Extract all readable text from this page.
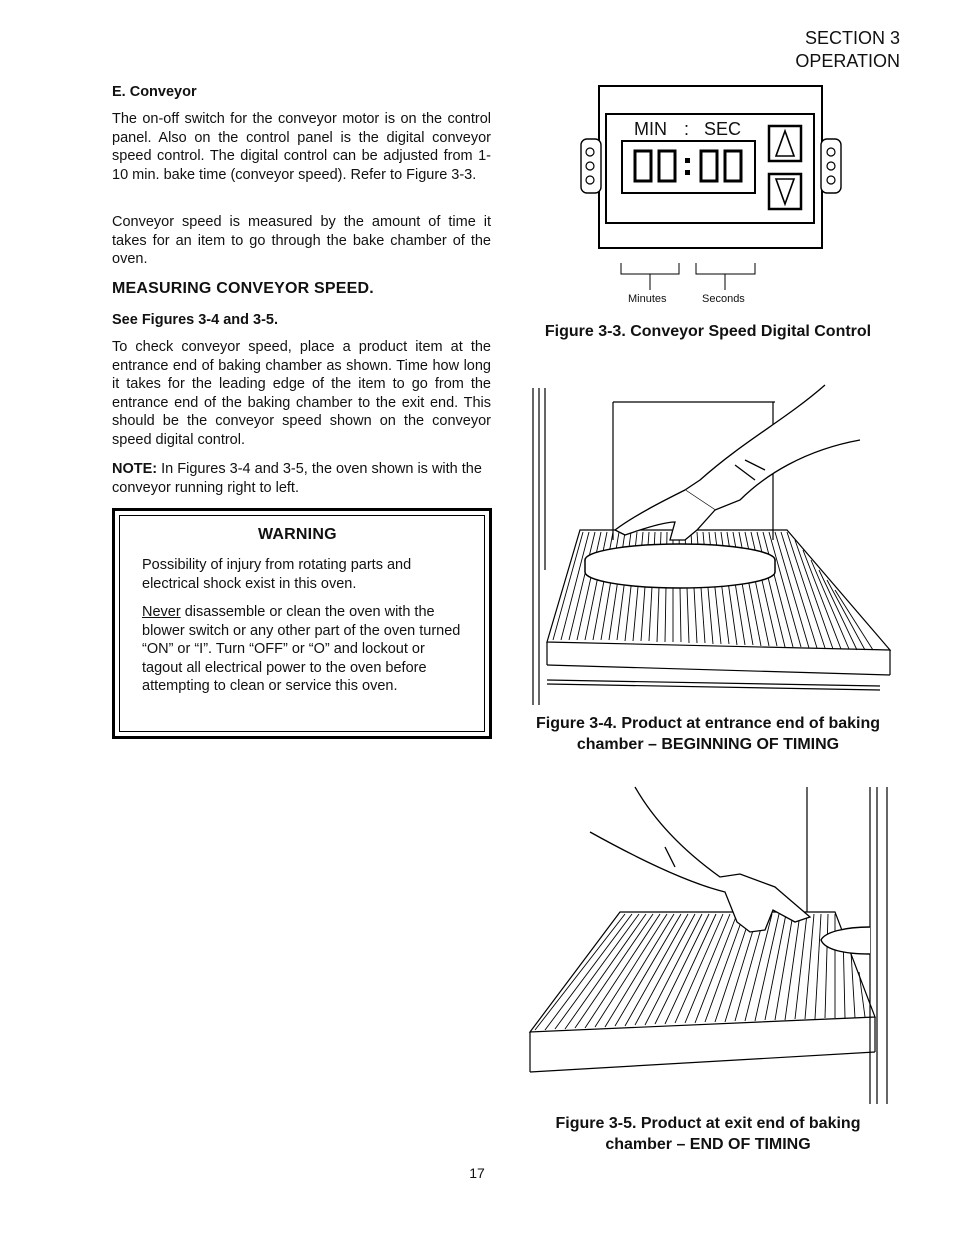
SECTION 3
OPERATION
E. Conveyor

The on-off switch for the conveyor motor is on the control panel. Also on the control panel is the digital conveyor speed control. The digital control can be adjusted from 1-10 min. bake time (conveyor speed). Refer to Figure 3-3.

Conveyor speed is measured by the amount of time it takes for an item to go through the bake chamber of the oven.

MEASURING CONVEYOR SPEED.
See Figures 3-4 and 3-5.

To check conveyor speed, place a product item at the entrance end of baking chamber as shown. Time how long it takes for the leading edge of the item to go from the entrance end of the baking chamber to the exit end. This should be the conveyor speed shown on the conveyor speed digital control.

NOTE: In Figures 3-4 and 3-5, the oven shown is with the conveyor running right to left.

WARNING

Possibility of injury from rotating parts and electrical shock exist in this oven.

Never disassemble or clean the oven with the blower switch or any other part of the oven turned “ON” or “I”. Turn “OFF” or “O” and lockout or tagout all electrical power to the oven before attempting to clean or service this oven.

MIN : SEC
Minutes	Seconds
Figure 3-3. Conveyor Speed Digital Control
Figure 3-4. Product at entrance end of baking
chamber – BEGINNING OF TIMING
Figure 3-5. Product at exit end of baking
chamber – END OF TIMING
17
